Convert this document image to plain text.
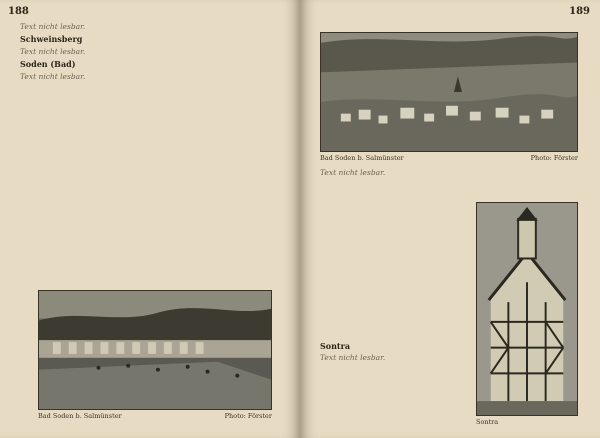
188

Text nicht lesbar.

Schweinsberg

Text nicht lesbar.

Soden (Bad)

Text nicht lesbar.

Bad Soden b. Salmünster	Photo: Förster
189
Bad Soden b. Salmünster	Photo: Förster

Text nicht lesbar.

Sontra

Text nicht lesbar.

Sontra
